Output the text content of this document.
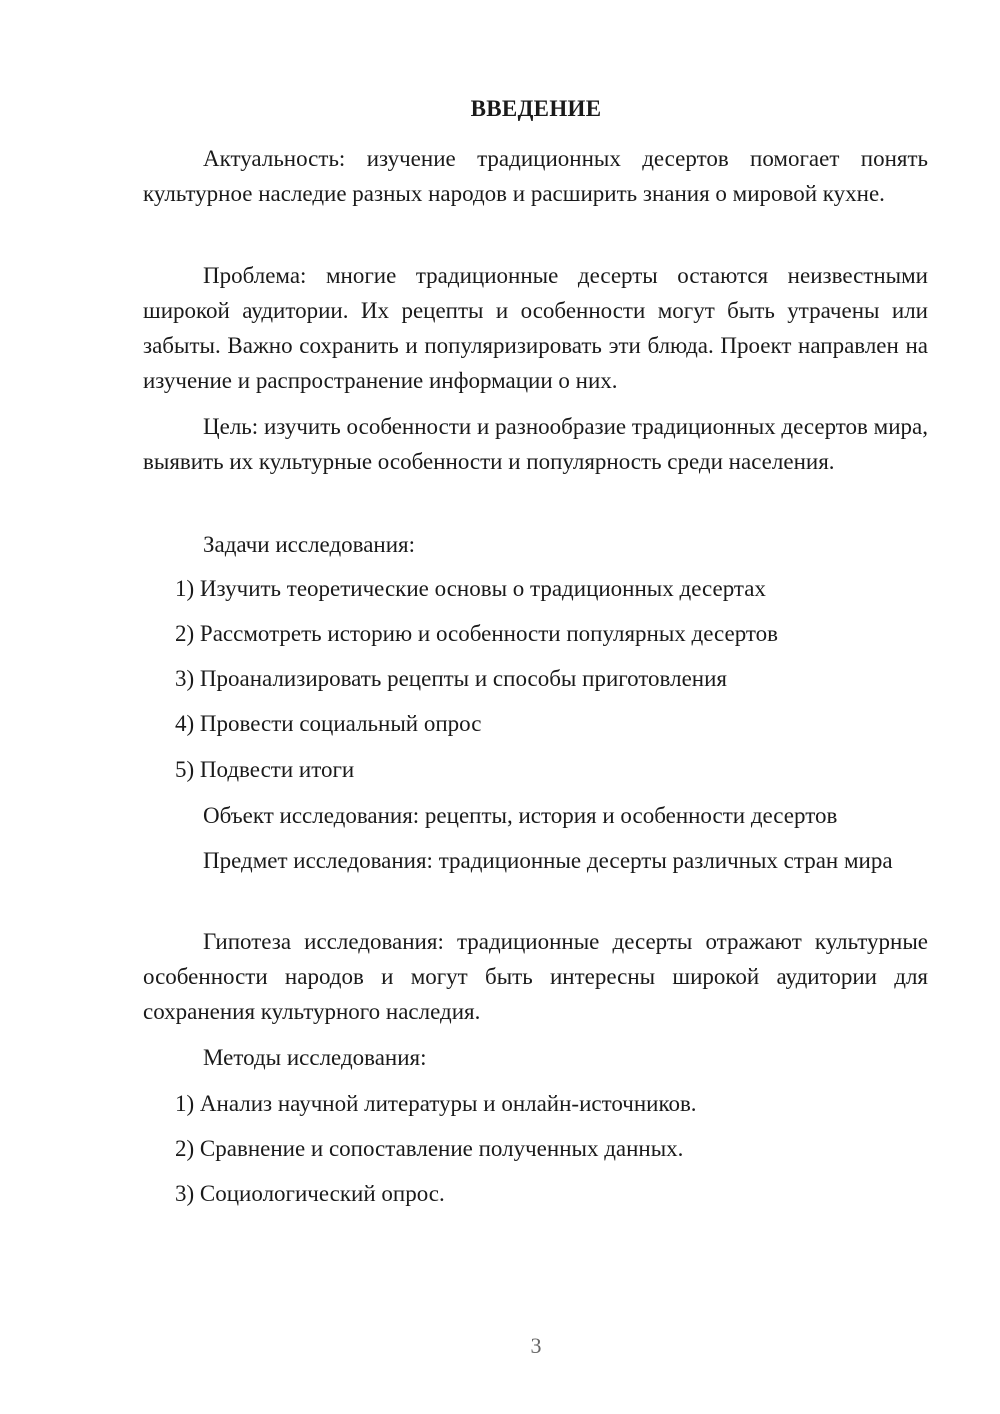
ВВЕДЕНИЕ
Актуальность: изучение традиционных десертов помогает понять культурное наследие разных народов и расширить знания о мировой кухне.
Проблема: многие традиционные десерты остаются неизвестными широкой аудитории. Их рецепты и особенности могут быть утрачены или забыты. Важно сохранить и популяризировать эти блюда. Проект направлен на изучение и распространение информации о них.
Цель: изучить особенности и разнообразие традиционных десертов мира, выявить их культурные особенности и популярность среди населения.
Задачи исследования:
1) Изучить теоретические основы о традиционных десертах
2) Рассмотреть историю и особенности популярных десертов
3) Проанализировать рецепты и способы приготовления
4) Провести социальный опрос
5) Подвести итоги
Объект исследования: рецепты, история и особенности десертов
Предмет исследования: традиционные десерты различных стран мира
Гипотеза исследования: традиционные десерты отражают культурные особенности народов и могут быть интересны широкой аудитории для сохранения культурного наследия.
Методы исследования:
1) Анализ научной литературы и онлайн-источников.
2) Сравнение и сопоставление полученных данных.
3) Социологический опрос.
3
